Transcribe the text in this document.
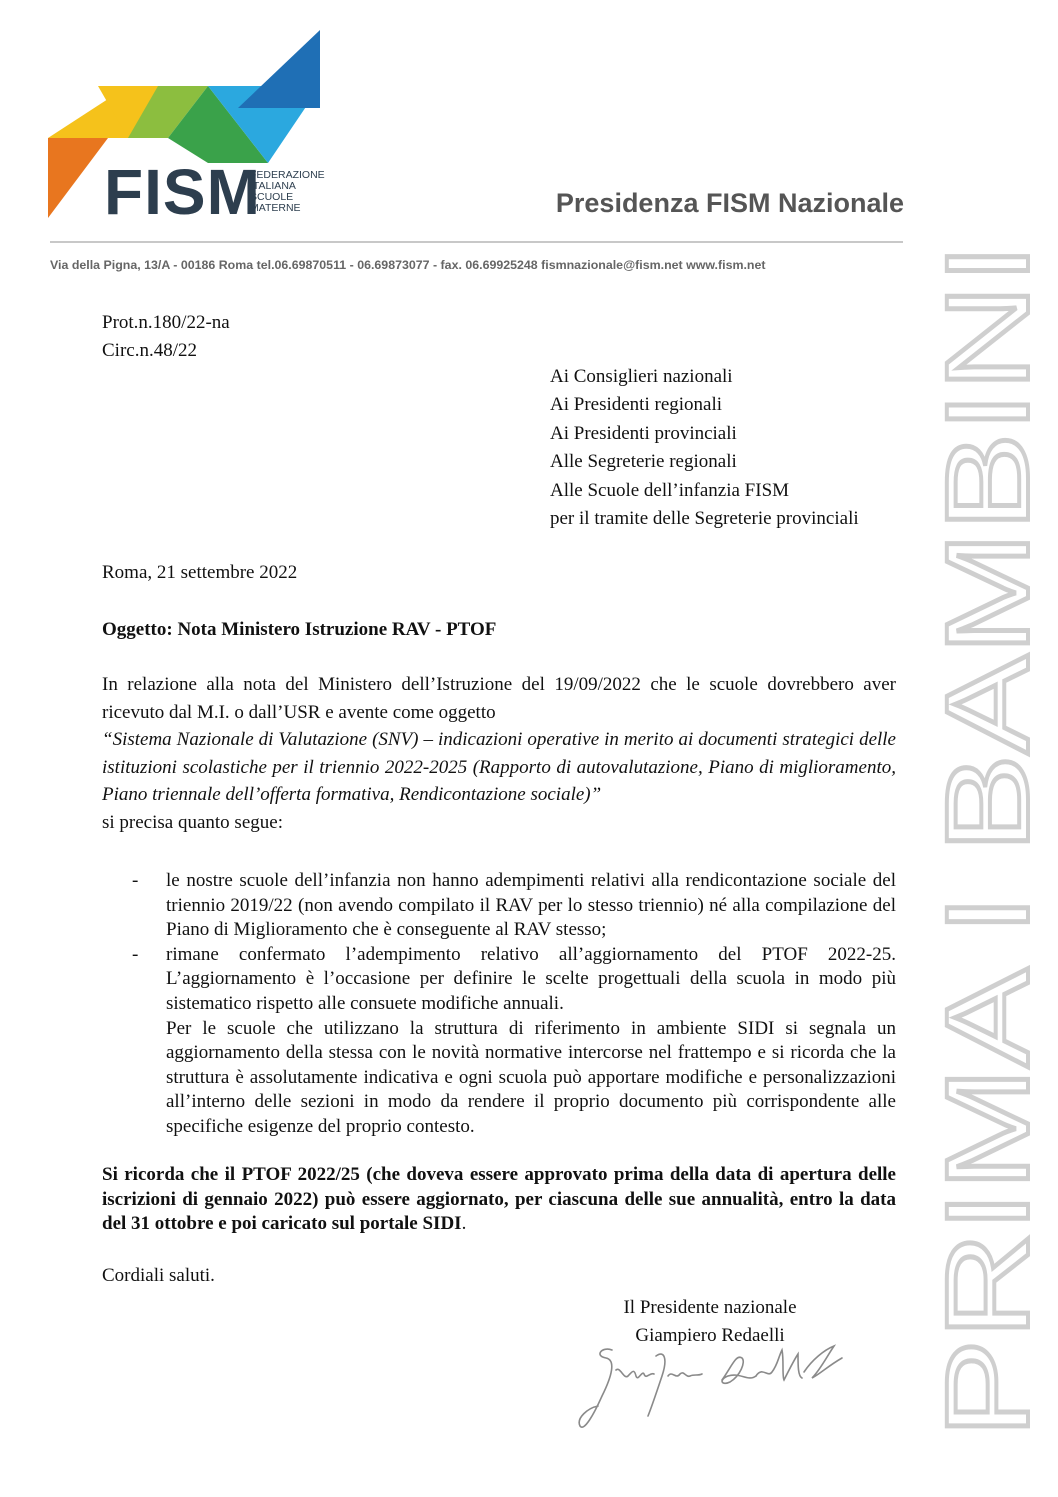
FISM
FEDERAZIONE
ITALIANA
SCUOLE
MATERNE	Presidenza FISM Nazionale
Via della Pigna, 13/A - 00186 Roma tel.06.69870511 - 06.69873077 - fax. 06.69925248 fismnazionale@fism.net www.fism.net
PRIMA I BAMBINI
Prot.n.180/22-na
Circ.n.48/22
Ai Consiglieri nazionali
Ai Presidenti regionali
Ai Presidenti provinciali
Alle Segreterie regionali
Alle Scuole dell’infanzia FISM
per il tramite delle Segreterie provinciali
Roma, 21 settembre 2022
Oggetto: Nota Ministero Istruzione RAV - PTOF
In relazione alla nota del Ministero dell’Istruzione del 19/09/2022 che le scuole dovrebbero aver ricevuto dal M.I. o dall’USR e avente come oggetto
“Sistema Nazionale di Valutazione (SNV) – indicazioni operative in merito ai documenti strategici delle istituzioni scolastiche per il triennio 2022-2025 (Rapporto di autovalutazione, Piano di miglioramento, Piano triennale dell’offerta formativa, Rendicontazione sociale)”
si precisa quanto segue:
-	le nostre scuole dell’infanzia non hanno adempimenti relativi alla rendicontazione sociale del triennio 2019/22 (non avendo compilato il RAV per lo stesso triennio) né alla compilazione del Piano di Miglioramento che è conseguente al RAV stesso;
-	rimane confermato l’adempimento relativo all’aggiornamento del PTOF 2022-25. L’aggiornamento è l’occasione per definire le scelte progettuali della scuola in modo più sistematico rispetto alle consuete modifiche annuali.
Per le scuole che utilizzano la struttura di riferimento in ambiente SIDI si segnala un aggiornamento della stessa con le novità normative intercorse nel frattempo e si ricorda che la struttura è assolutamente indicativa e ogni scuola può apportare modifiche e personalizzazioni all’interno delle sezioni in modo da rendere il proprio documento più corrispondente alle specifiche esigenze del proprio contesto.
Si ricorda che il PTOF 2022/25 (che doveva essere approvato prima della data di apertura delle iscrizioni di gennaio 2022) può essere aggiornato, per ciascuna delle sue annualità, entro la data del 31 ottobre e poi caricato sul portale SIDI.
Cordiali saluti.
Il Presidente nazionale
Giampiero Redaelli
